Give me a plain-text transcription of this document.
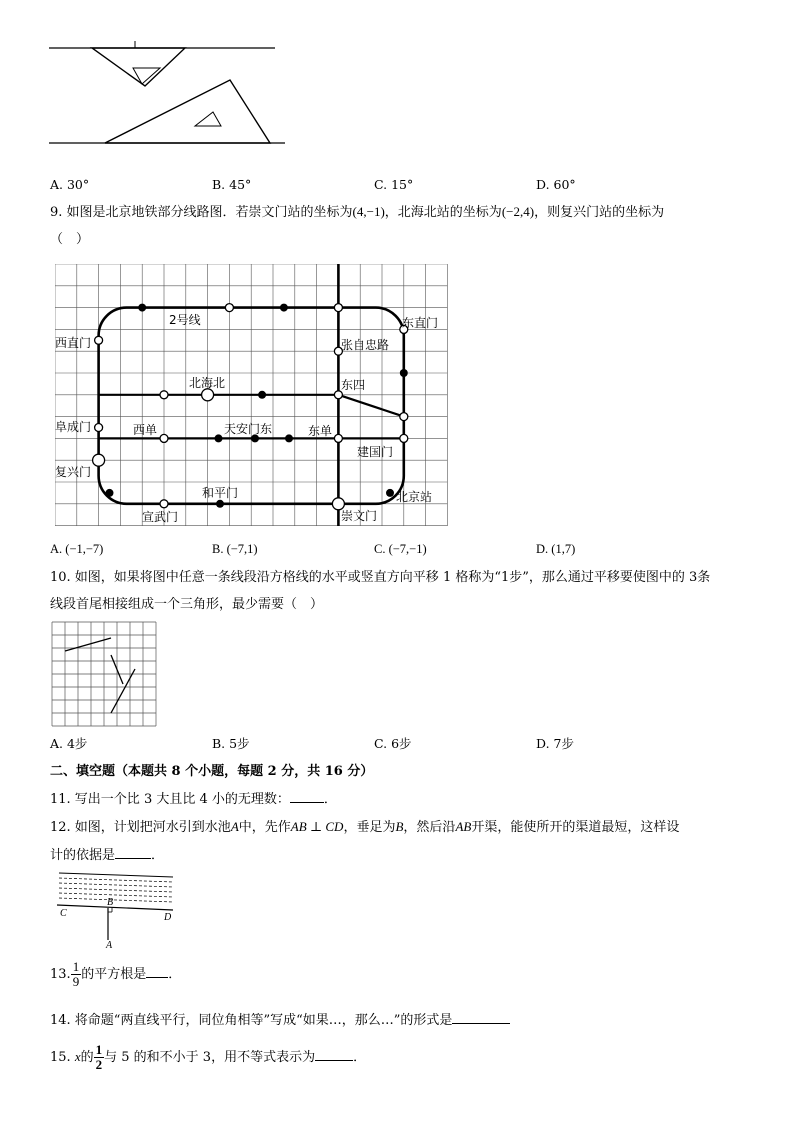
A. 30°	B. 45°	C. 15°	D. 60°
9. 如图是北京地铁部分线路图．若崇文门站的坐标为(4,−1)，北海北站的坐标为(−2,4)，则复兴门站的坐标为
（　）
2号线
西直门
东直门
张自忠路
北海北	东四
阜成门	西单	天安门东	东单
建国门
复兴门
和平门	北京站
宣武门	崇文门
A. (−1,−7)	B. (−7,1)	C. (−7,−1)	D. (1,7)
10. 如图，如果将图中任意一条线段沿方格线的水平或竖直方向平移 1 格称为“1步”，那么通过平移要使图中的 3条
线段首尾相接组成一个三角形，最少需要（　）
A. 4步	B. 5步	C. 6步	D. 7步
二、填空题（本题共 8 个小题，每题 2 分，共 16 分）
11. 写出一个比 3 大且比 4 小的无理数：	．
12. 如图，计划把河水引到水池A中，先作AB ⊥ CD，垂足为B，然后沿AB开渠，能使所开的渠道最短，这样设
计的依据是	．
C
B
D
A
13. $\frac{1}{9}$ 的平方根是 ．
14. 将命题“两直线平行，同位角相等”写成“如果…，那么…”的形式是
15. x的 $\frac{1}{2}$ 与 5 的和不小于 3，用不等式表示为	．
